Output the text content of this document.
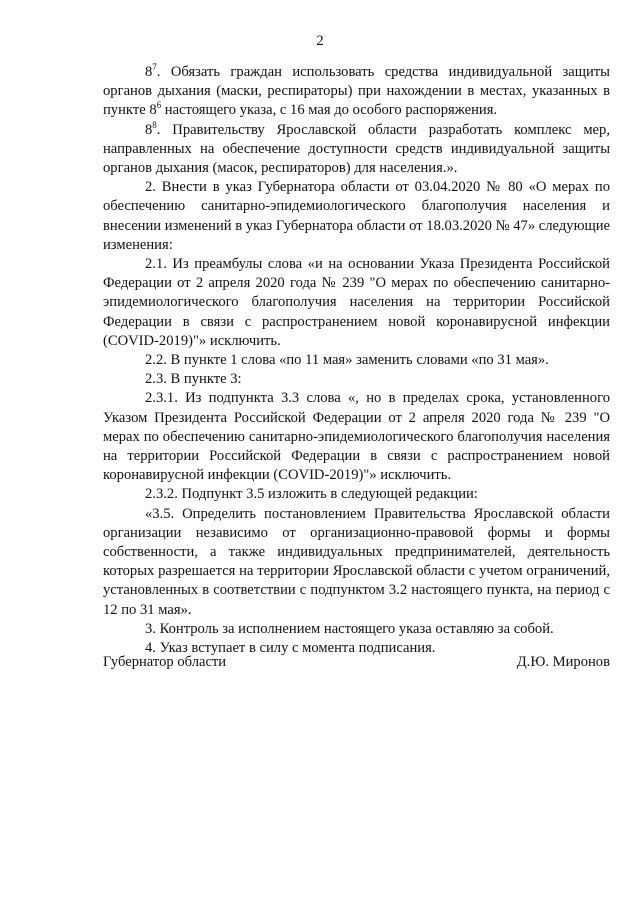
2

$8^7$. Обязать граждан использовать средства индивидуальной защиты органов дыхания (маски, респираторы) при нахождении в местах, указанных в пункте $8^6$ настоящего указа, с 16 мая до особого распоряжения.

$8^8$. Правительству Ярославской области разработать комплекс мер, направленных на обеспечение доступности средств индивидуальной защиты органов дыхания (масок, респираторов) для населения.».

2. Внести в указ Губернатора области от 03.04.2020 № 80 «О мерах по обеспечению санитарно-эпидемиологического благополучия населения и внесении изменений в указ Губернатора области от 18.03.2020 № 47» следующие изменения:

2.1. Из преамбулы слова «и на основании Указа Президента Российской Федерации от 2 апреля 2020 года № 239 "О мерах по обеспечению санитарно-эпидемиологического благополучия населения на территории Российской Федерации в связи с распространением новой коронавирусной инфекции (COVID-2019)"» исключить.

2.2. В пункте 1 слова «по 11 мая» заменить словами «по 31 мая».

2.3. В пункте 3:

2.3.1. Из подпункта 3.3 слова «, но в пределах срока, установленного Указом Президента Российской Федерации от 2 апреля 2020 года № 239 "О мерах по обеспечению санитарно-эпидемиологического благополучия населения на территории Российской Федерации в связи с распространением новой коронавирусной инфекции (COVID-2019)"» исключить.

2.3.2. Подпункт 3.5 изложить в следующей редакции:

«3.5. Определить постановлением Правительства Ярославской области организации независимо от организационно-правовой формы и формы собственности, а также индивидуальных предпринимателей, деятельность которых разрешается на территории Ярославской области с учетом ограничений, установленных в соответствии с подпунктом 3.2 настоящего пункта, на период с 12 по 31 мая».

3. Контроль за исполнением настоящего указа оставляю за собой.

4. Указ вступает в силу с момента подписания.

Губернатор области	Д.Ю. Миронов
